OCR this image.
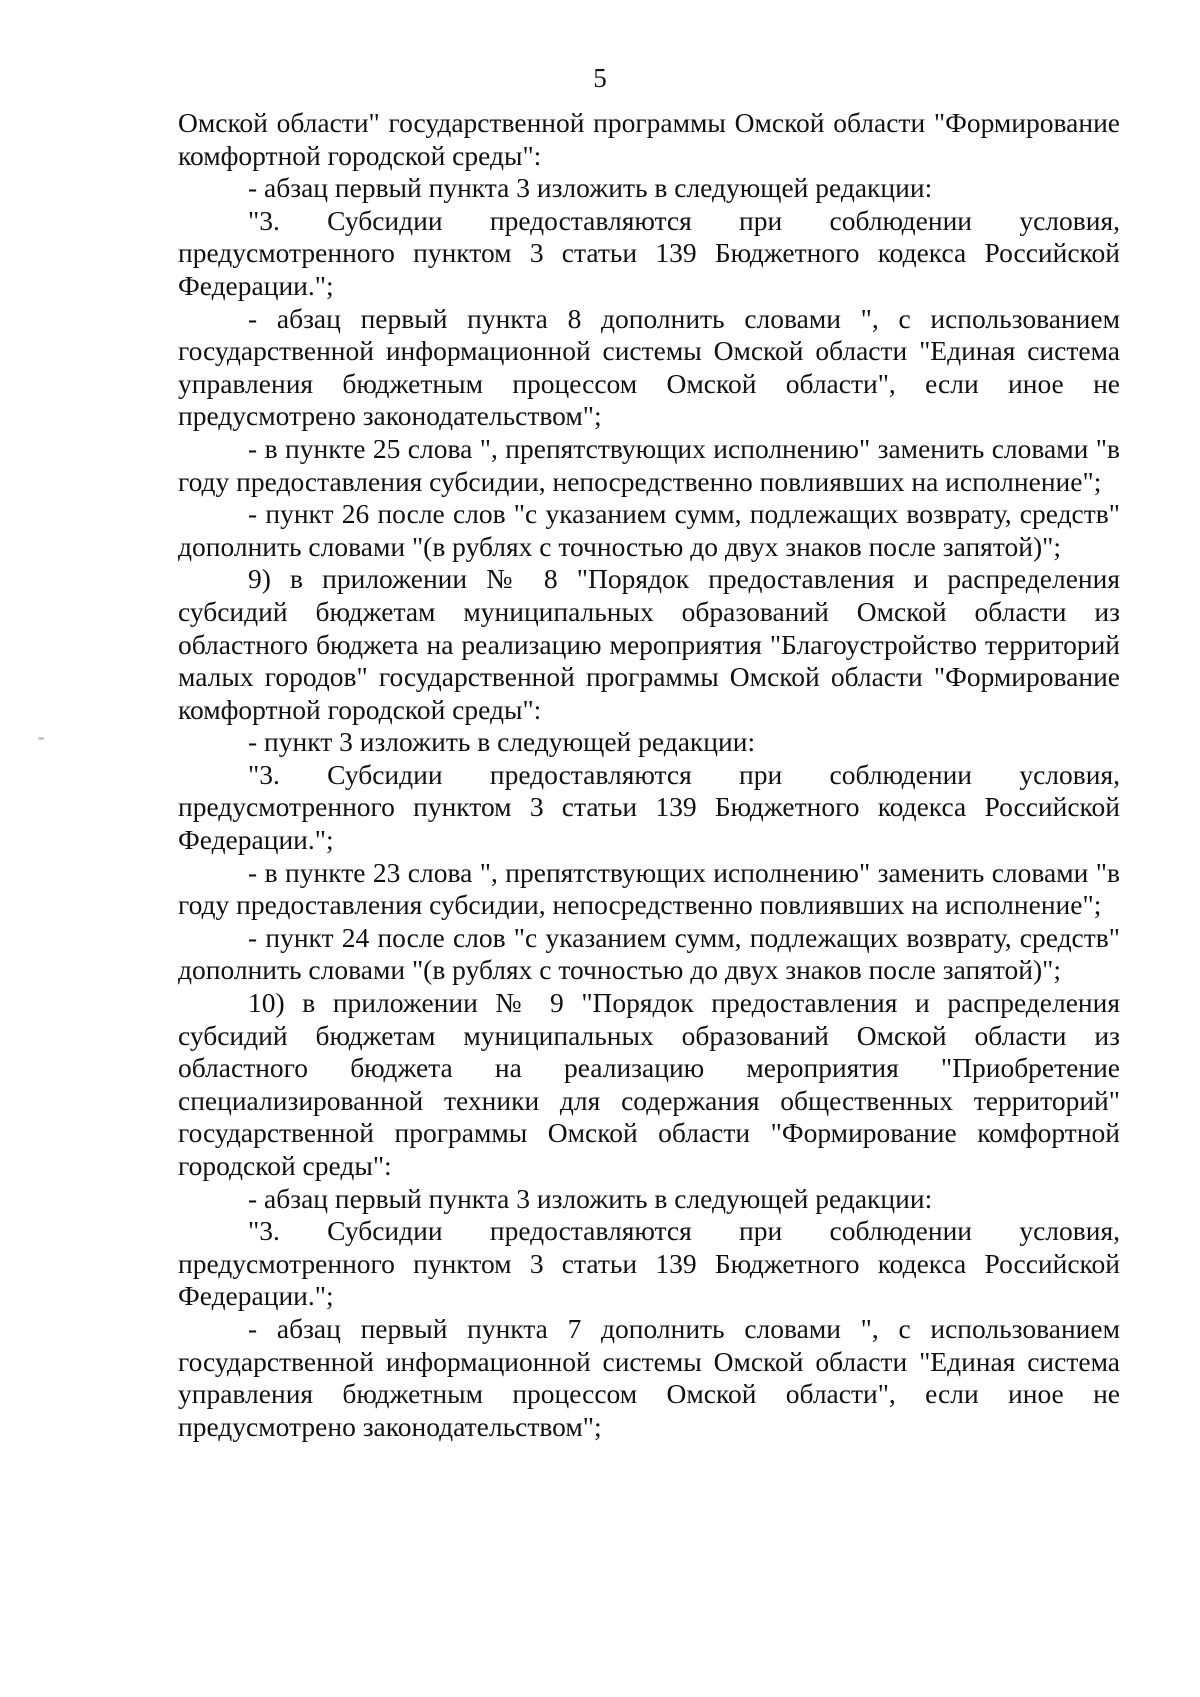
5

Омской области" государственной программы Омской области "Формирование комфортной городской среды":

- абзац первый пункта 3 изложить в следующей редакции:

"3. Субсидии предоставляются при соблюдении условия, предусмотренного пунктом 3 статьи 139 Бюджетного кодекса Российской Федерации.";

- абзац первый пункта 8 дополнить словами ", с использованием государственной информационной системы Омской области "Единая система управления бюджетным процессом Омской области", если иное не предусмотрено законодательством";

- в пункте 25 слова ", препятствующих исполнению" заменить словами "в году предоставления субсидии, непосредственно повлиявших на исполнение";

- пункт 26 после слов "с указанием сумм, подлежащих возврату, средств" дополнить словами "(в рублях с точностью до двух знаков после запятой)";

9) в приложении № 8 "Порядок предоставления и распределения субсидий бюджетам муниципальных образований Омской области из областного бюджета на реализацию мероприятия "Благоустройство территорий малых городов" государственной программы Омской области "Формирование комфортной городской среды":

- пункт 3 изложить в следующей редакции:

"3. Субсидии предоставляются при соблюдении условия, предусмотренного пунктом 3 статьи 139 Бюджетного кодекса Российской Федерации.";

- в пункте 23 слова ", препятствующих исполнению" заменить словами "в году предоставления субсидии, непосредственно повлиявших на исполнение";

- пункт 24 после слов "с указанием сумм, подлежащих возврату, средств" дополнить словами "(в рублях с точностью до двух знаков после запятой)";

10) в приложении № 9 "Порядок предоставления и распределения субсидий бюджетам муниципальных образований Омской области из областного бюджета на реализацию мероприятия "Приобретение специализированной техники для содержания общественных территорий" государственной программы Омской области "Формирование комфортной городской среды":

- абзац первый пункта 3 изложить в следующей редакции:

"3. Субсидии предоставляются при соблюдении условия, предусмотренного пунктом 3 статьи 139 Бюджетного кодекса Российской Федерации.";

- абзац первый пункта 7 дополнить словами ", с использованием государственной информационной системы Омской области "Единая система управления бюджетным процессом Омской области", если иное не предусмотрено законодательством";
